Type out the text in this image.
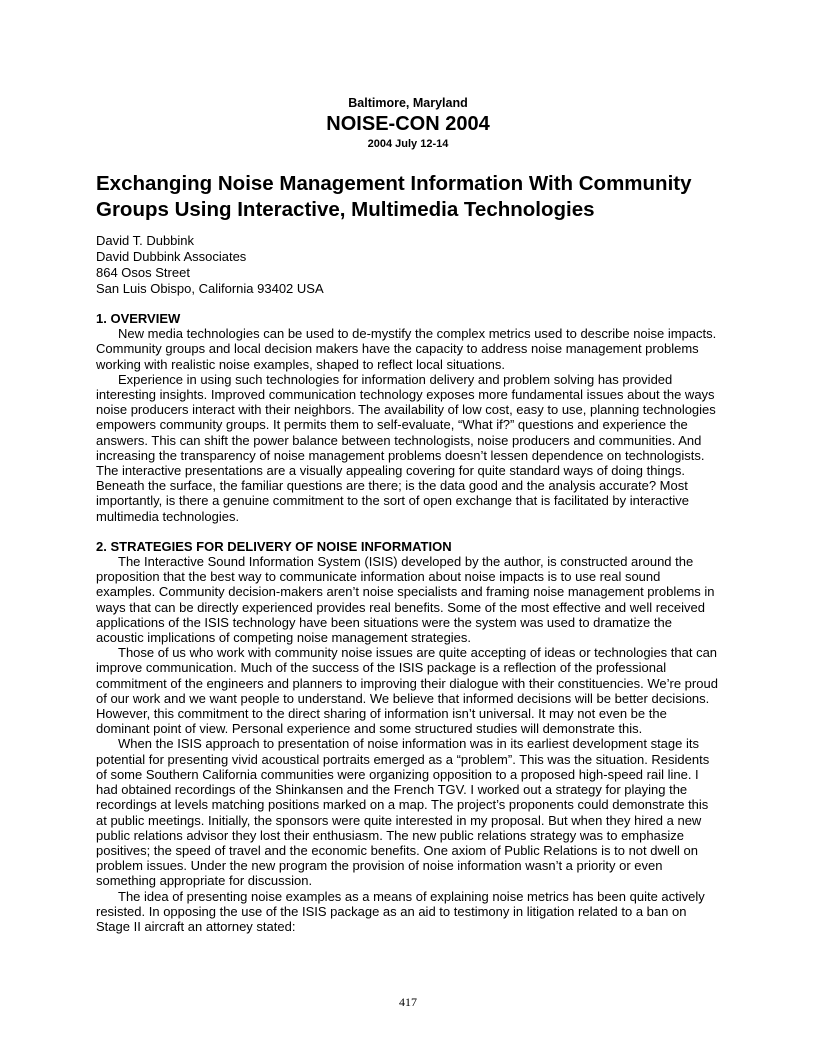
Baltimore, Maryland
NOISE-CON 2004
2004 July 12-14
Exchanging Noise Management Information With Community Groups Using Interactive, Multimedia Technologies
David T. Dubbink
David Dubbink Associates
864 Osos Street
San Luis Obispo, California 93402 USA

1. OVERVIEW

New media technologies can be used to de-mystify the complex metrics used to describe noise impacts. Community groups and local decision makers have the capacity to address noise management problems working with realistic noise examples, shaped to reflect local situations.

Experience in using such technologies for information delivery and problem solving has provided interesting insights. Improved communication technology exposes more fundamental issues about the ways noise producers interact with their neighbors. The availability of low cost, easy to use, planning technologies empowers community groups. It permits them to self-evaluate, “What if?” questions and experience the answers. This can shift the power balance between technologists, noise producers and communities. And increasing the transparency of noise management problems doesn’t lessen dependence on technologists. The interactive presentations are a visually appealing covering for quite standard ways of doing things. Beneath the surface, the familiar questions are there; is the data good and the analysis accurate? Most importantly, is there a genuine commitment to the sort of open exchange that is facilitated by interactive multimedia technologies.

2. STRATEGIES FOR DELIVERY OF NOISE INFORMATION

The Interactive Sound Information System (ISIS) developed by the author, is constructed around the proposition that the best way to communicate information about noise impacts is to use real sound examples. Community decision-makers aren’t noise specialists and framing noise management problems in ways that can be directly experienced provides real benefits. Some of the most effective and well received applications of the ISIS technology have been situations were the system was used to dramatize the acoustic implications of competing noise management strategies.

Those of us who work with community noise issues are quite accepting of ideas or technologies that can improve communication. Much of the success of the ISIS package is a reflection of the professional commitment of the engineers and planners to improving their dialogue with their constituencies. We’re proud of our work and we want people to understand. We believe that informed decisions will be better decisions. However, this commitment to the direct sharing of information isn’t universal. It may not even be the dominant point of view. Personal experience and some structured studies will demonstrate this.

When the ISIS approach to presentation of noise information was in its earliest development stage its potential for presenting vivid acoustical portraits emerged as a “problem”. This was the situation. Residents of some Southern California communities were organizing opposition to a proposed high-speed rail line. I had obtained recordings of the Shinkansen and the French TGV. I worked out a strategy for playing the recordings at levels matching positions marked on a map. The project’s proponents could demonstrate this at public meetings. Initially, the sponsors were quite interested in my proposal. But when they hired a new public relations advisor they lost their enthusiasm. The new public relations strategy was to emphasize positives; the speed of travel and the economic benefits. One axiom of Public Relations is to not dwell on problem issues. Under the new program the provision of noise information wasn’t a priority or even something appropriate for discussion.

The idea of presenting noise examples as a means of explaining noise metrics has been quite actively resisted. In opposing the use of the ISIS package as an aid to testimony in litigation related to a ban on Stage II aircraft an attorney stated:

417
